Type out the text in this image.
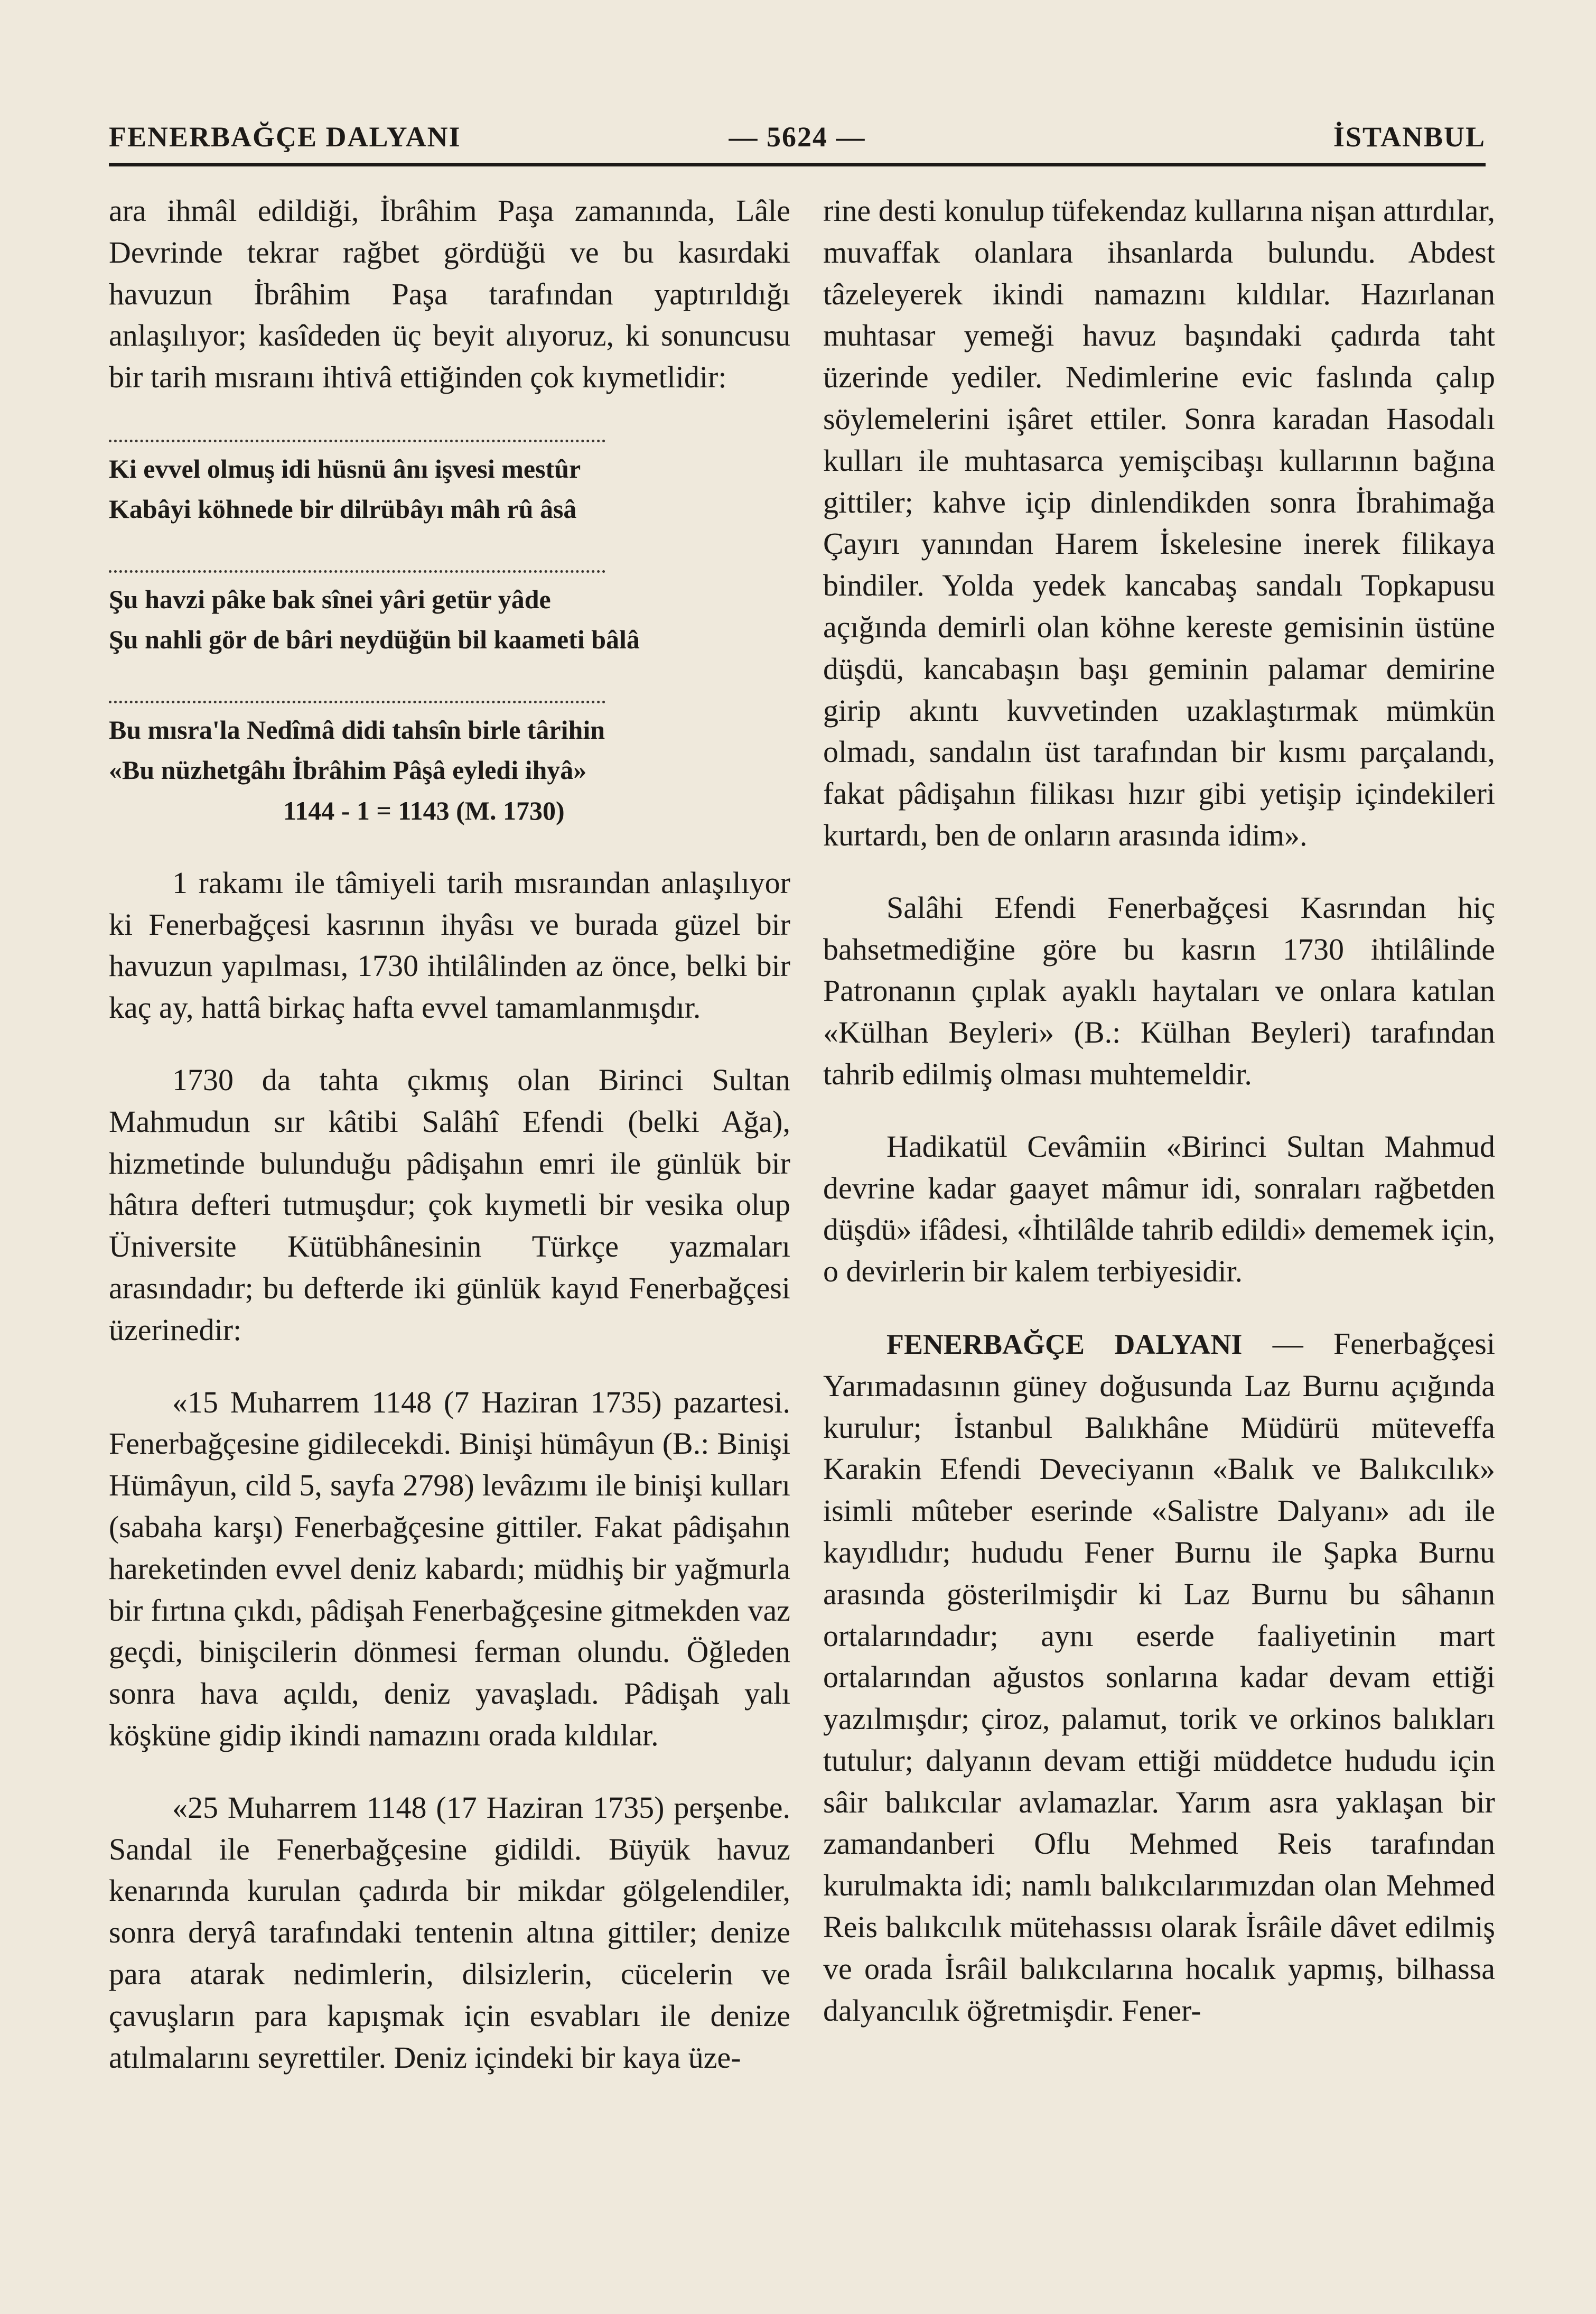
FENERBAĞÇE DALYANI	— 5624 —	İSTANBUL

ara ihmâl edildiği, İbrâhim Paşa zamanında, Lâle Devrinde tekrar rağbet gördüğü ve bu kasırdaki havuzun İbrâhim Paşa tarafından yaptırıldığı anlaşılıyor; kasîdeden üç beyit alıyoruz, ki sonuncusu bir tarih mısraını ihtivâ ettiğinden çok kıymetlidir:

Ki evvel olmuş idi hüsnü ânı işvesi mestûr
Kabâyi köhnede bir dilrübâyı mâh rû âsâ
Şu havzi pâke bak sînei yâri getür yâde
Şu nahli gör de bâri neydüğün bil kaameti bâlâ
Bu mısra'la Nedîmâ didi tahsîn birle târihin
«Bu nüzhetgâhı İbrâhim Pâşâ eyledi ihyâ»

1144 - 1 = 1143 (M. 1730)

1 rakamı ile tâmiyeli tarih mısraından anlaşılıyor ki Fenerbağçesi kasrının ihyâsı ve burada güzel bir havuzun yapılması, 1730 ihtilâlinden az önce, belki bir kaç ay, hattâ birkaç hafta evvel tamamlanmışdır.

1730 da tahta çıkmış olan Birinci Sultan Mahmudun sır kâtibi Salâhî Efendi (belki Ağa), hizmetinde bulunduğu pâdişahın emri ile günlük bir hâtıra defteri tutmuşdur; çok kıymetli bir vesika olup Üniversite Kütübhânesinin Türkçe yazmaları arasındadır; bu defterde iki günlük kayıd Fenerbağçesi üzerinedir:

«15 Muharrem 1148 (7 Haziran 1735) pazartesi. Fenerbağçesine gidilecekdi. Binişi hümâyun (B.: Binişi Hümâyun, cild 5, sayfa 2798) levâzımı ile binişi kulları (sabaha karşı) Fenerbağçesine gittiler. Fakat pâdişahın hareketinden evvel deniz kabardı; müdhiş bir yağmurla bir fırtına çıkdı, pâdişah Fenerbağçesine gitmekden vaz geçdi, binişcilerin dönmesi ferman olundu. Öğleden sonra hava açıldı, deniz yavaşladı. Pâdişah yalı köşküne gidip ikindi namazını orada kıldılar.

«25 Muharrem 1148 (17 Haziran 1735) perşenbe. Sandal ile Fenerbağçesine gidildi. Büyük havuz kenarında kurulan çadırda bir mikdar gölgelendiler, sonra deryâ tarafındaki tentenin altına gittiler; denize para atarak nedimlerin, dilsizlerin, cücelerin ve çavuşların para kapışmak için esvabları ile denize atılmalarını seyrettiler. Deniz içindeki bir kaya üze-

rine desti konulup tüfekendaz kullarına nişan attırdılar, muvaffak olanlara ihsanlarda bulundu. Abdest tâzeleyerek ikindi namazını kıldılar. Hazırlanan muhtasar yemeği havuz başındaki çadırda taht üzerinde yediler. Nedimlerine evic faslında çalıp söylemelerini işâret ettiler. Sonra karadan Hasodalı kulları ile muhtasarca yemişcibaşı kullarının bağına gittiler; kahve içip dinlendikden sonra İbrahimağa Çayırı yanından Harem İskelesine inerek filikaya bindiler. Yolda yedek kancabaş sandalı Topkapusu açığında demirli olan köhne kereste gemisinin üstüne düşdü, kancabaşın başı geminin palamar demirine girip akıntı kuvvetinden uzaklaştırmak mümkün olmadı, sandalın üst tarafından bir kısmı parçalandı, fakat pâdişahın filikası hızır gibi yetişip içindekileri kurtardı, ben de onların arasında idim».

Salâhi Efendi Fenerbağçesi Kasrından hiç bahsetmediğine göre bu kasrın 1730 ihtilâlinde Patronanın çıplak ayaklı haytaları ve onlara katılan «Külhan Beyleri» (B.: Külhan Beyleri) tarafından tahrib edilmiş olması muhtemeldir.

Hadikatül Cevâmiin «Birinci Sultan Mahmud devrine kadar gaayet mâmur idi, sonraları rağbetden düşdü» ifâdesi, «İhtilâlde tahrib edildi» dememek için, o devirlerin bir kalem terbiyesidir.

FENERBAĞÇE DALYANI — Fenerbağçesi Yarımadasının güney doğusunda Laz Burnu açığında kurulur; İstanbul Balıkhâne Müdürü müteveffa Karakin Efendi Deveciyanın «Balık ve Balıkcılık» isimli mûteber eserinde «Salistre Dalyanı» adı ile kayıdlıdır; hududu Fener Burnu ile Şapka Burnu arasında gösterilmişdir ki Laz Burnu bu sâhanın ortalarındadır; aynı eserde faaliyetinin mart ortalarından ağustos sonlarına kadar devam ettiği yazılmışdır; çiroz, palamut, torik ve orkinos balıkları tutulur; dalyanın devam ettiği müddetce hududu için sâir balıkcılar avlamazlar. Yarım asra yaklaşan bir zamandanberi Oflu Mehmed Reis tarafından kurulmakta idi; namlı balıkcılarımızdan olan Mehmed Reis balıkcılık mütehassısı olarak İsrâile dâvet edilmiş ve orada İsrâil balıkcılarına hocalık yapmış, bilhassa dalyancılık öğretmişdir. Fener-
